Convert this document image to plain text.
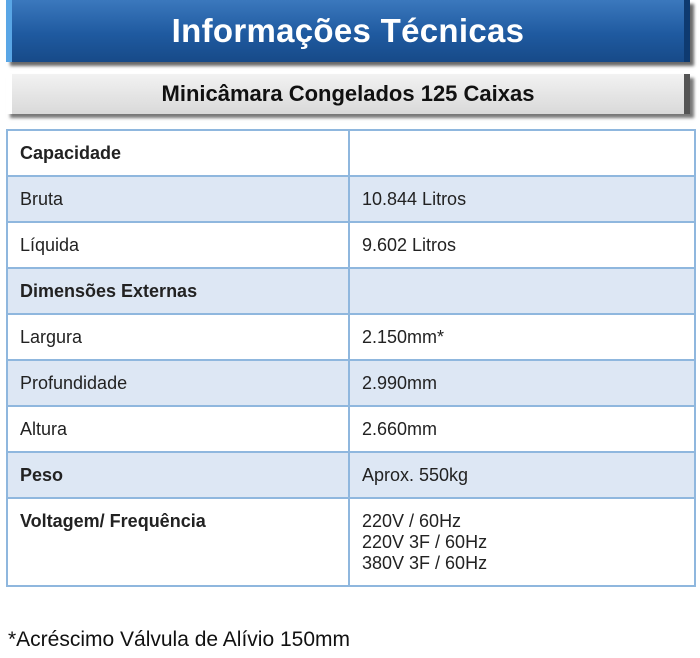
Informações Técnicas
Minicâmara Congelados 125 Caixas
Capacidade	
Bruta	10.844 Litros
Líquida	9.602 Litros
Dimensões Externas	
Largura	2.150mm*
Profundidade	2.990mm
Altura	2.660mm
Peso	Aprox. 550kg
Voltagem/ Frequência	220V / 60Hz
220V 3F / 60Hz
380V 3F / 60Hz
*Acréscimo Válvula de Alívio 150mm
